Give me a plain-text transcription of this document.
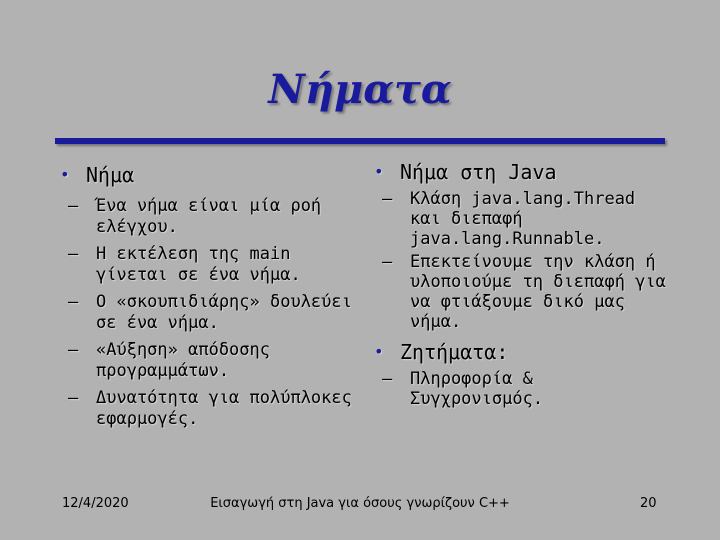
Νήματα
• Νήμα
– Ένα νήμα είναι μία ροή ελέγχου.
– Η εκτέλεση της main γίνεται σε ένα νήμα.
– Ο «σκουπιδιάρης» δουλεύει σε ένα νήμα.
– «Αύξηση» απόδοσης προγραμμάτων.
– Δυνατότητα για πολύπλοκες εφαρμογές.
• Νήμα στη Java
– Κλάση java.lang.Thread και διεπαφή java.lang.Runnable.
– Επεκτείνουμε την κλάση ή υλοποιούμε τη διεπαφή για να φτιάξουμε δικό μας νήμα.
• Ζητήματα:
– Πληροφορία & Συγχρονισμός.
12/4/2020	Εισαγωγή στη Java για όσους γνωρίζουν C++	20
